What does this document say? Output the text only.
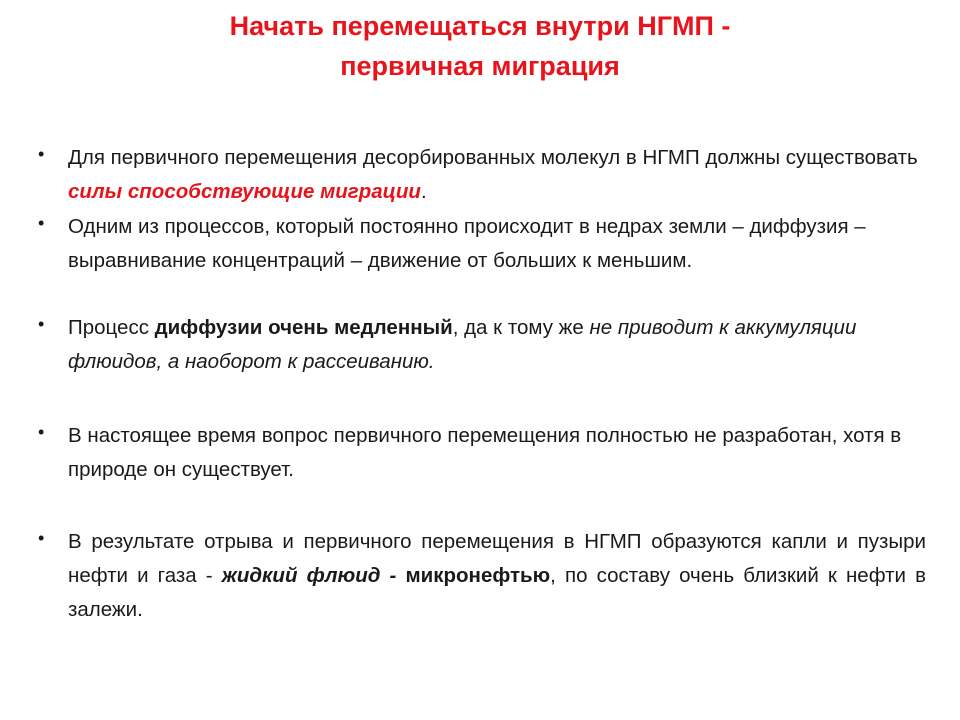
Начать перемещаться внутри НГМП -
первичная миграция
• Для первичного перемещения десорбированных молекул в НГМП должны существовать силы способствующие миграции.
• Одним из процессов, который постоянно происходит в недрах земли – диффузия – выравнивание концентраций – движение от больших к меньшим.
• Процесс диффузии очень медленный, да к тому же не приводит к аккумуляции флюидов, а наоборот к рассеиванию.
• В настоящее время вопрос первичного перемещения полностью не разработан, хотя в природе он существует.
• В результате отрыва и первичного перемещения в НГМП образуются капли и пузыри нефти и газа - жидкий флюид - микронефтью, по составу очень близкий к нефти в залежи.
